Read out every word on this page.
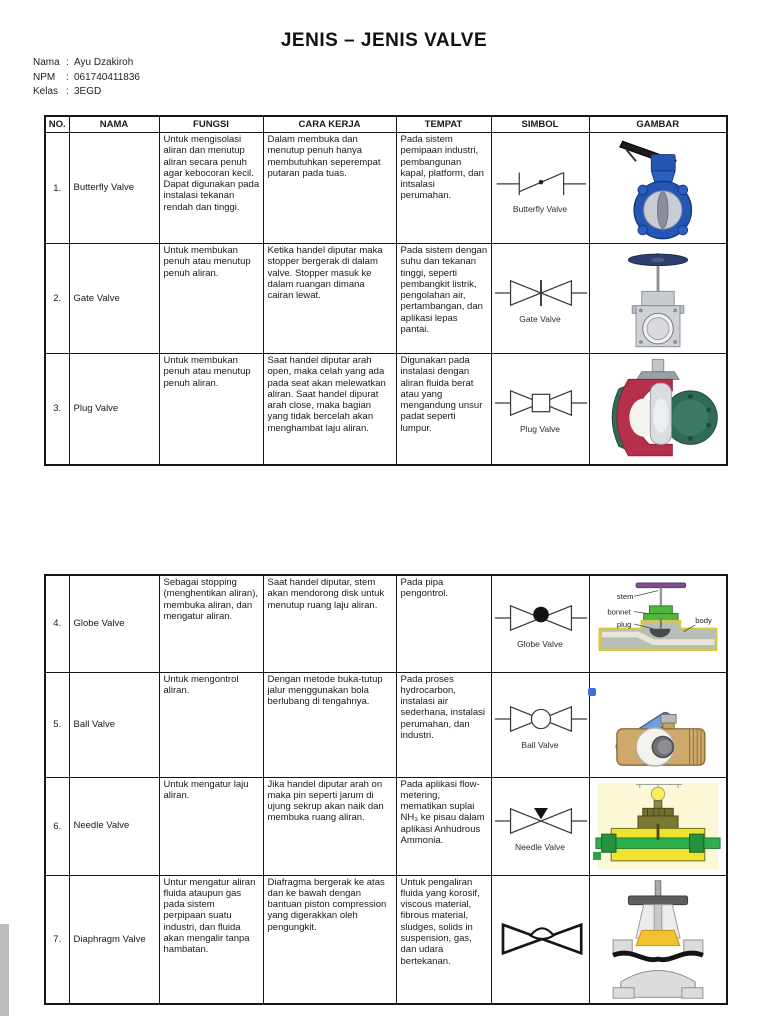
JENIS – JENIS VALVE
Nama : Ayu Dzakiroh
NPM : 061740411836
Kelas : 3EGD
NO.	NAMA	FUNGSI	CARA KERJA	TEMPAT	SIMBOL	GAMBAR
1.	Butterfly Valve	Untuk mengisolasi aliran dan menutup aliran secara penuh agar kebocoran kecil. Dapat digunakan pada instalasi tekanan rendah dan tinggi.	Dalam membuka dan menutup penuh hanya membutuhkan seperempat putaran pada tuas.	Pada sistem pemipaan industri, pembangunan kapal, platform, dan intsalasi perumahan.	Butterfly Valve

2.	Gate Valve	Untuk membukan penuh atau menutup penuh aliran.	Ketika handel diputar maka stopper bergerak di dalam valve. Stopper masuk ke dalam ruangan dimana cairan lewat.	Pada sistem dengan suhu dan tekanan tinggi, seperti pembangkit listrik, pengolahan air, pertambangan, dan aplikasi lepas pantai.	Gate Valve

3.	Plug Valve	Untuk membukan penuh atau menutup penuh aliran.	Saat handel diputar arah open, maka celah yang ada pada seat akan melewatkan aliran. Saat handel dipurat arah close, maka bagian yang tidak bercelah akan menghambat laju aliran.	Digunakan pada instalasi dengan aliran fluida berat atau yang mengandung unsur padat seperti lumpur.	Plug Valve

4.	Globe Valve	Sebagai stopping (menghentikan aliran), membuka aliran, dan mengatur aliran.	Saat handel diputar, stem akan mendorong disk untuk menutup ruang laju aliran.	Pada pipa pengontrol.	Globe Valve	stem
bonnet
plug body

5.	Ball Valve	Untuk mengontrol aliran.	Dengan metode buka-tutup jalur menggunakan bola berlubang di tengahnya.	Pada proses hydrocarbon, instalasi air sederhana, instalasi perumahan, dan industri.	Ball Valve

6.	Needle Valve	Untuk mengatur laju aliran.	Jika handel diputar arah on maka pin seperti jarum di ujung sekrup akan naik dan membuka ruang aliran.	Pada aplikasi flow-metering, mematikan suplai NH₃ ke pisau dalam aplikasi Anhudrous Ammonia.	Needle Valve

7.	Diaphragm Valve	Untur mengatur aliran fluida ataupun gas pada sistem perpipaan suatu industri, dan fluida akan mengalir tanpa hambatan.	Diafragma bergerak ke atas dan ke bawah dengan bantuan piston compression yang digerakkan oleh pengungkit.	Untuk pengaliran fluida yang korosif, viscous material, fibrous material, sludges, solids in suspension, gas, dan udara bertekanan.	
